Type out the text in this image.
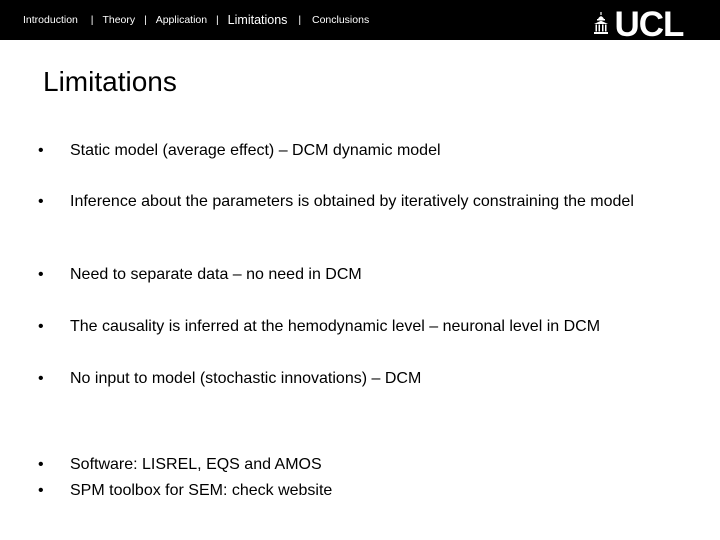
Introduction | Theory | Application | Limitations | Conclusions	UCL
Limitations
•	Static model (average effect) – DCM dynamic model
•	Inference about the parameters is obtained by iteratively constraining the model
•	Need to separate data – no need in DCM
•	The causality is inferred at the hemodynamic level – neuronal level in DCM
•	No input to model (stochastic innovations) – DCM
•	Software: LISREL, EQS and AMOS
•	SPM toolbox for SEM: check website
